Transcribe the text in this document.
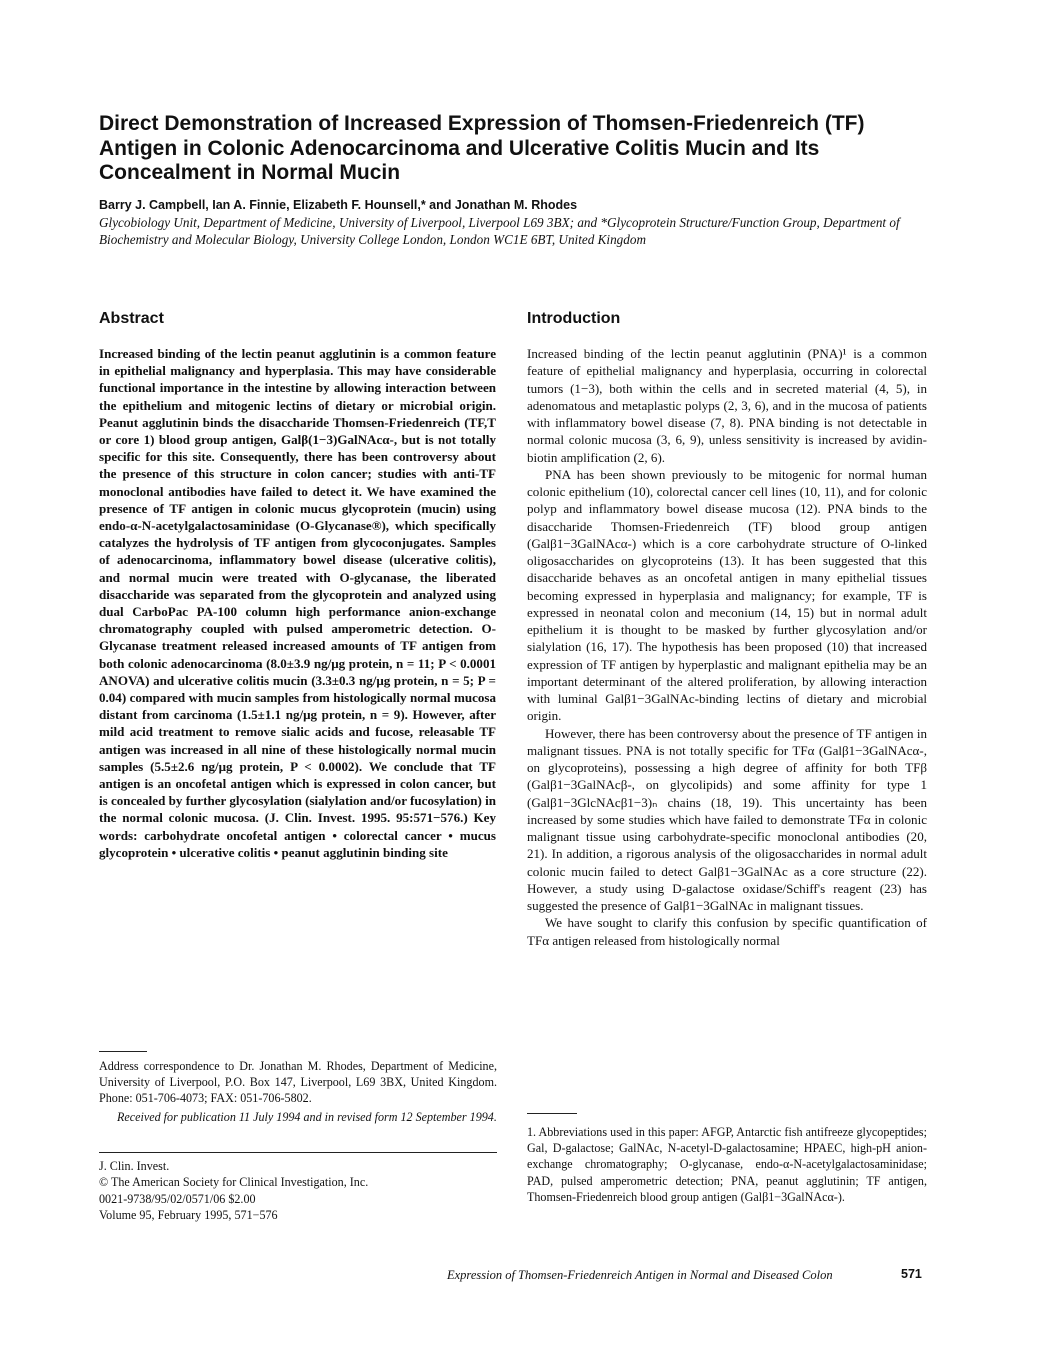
Direct Demonstration of Increased Expression of Thomsen-Friedenreich (TF) Antigen in Colonic Adenocarcinoma and Ulcerative Colitis Mucin and Its Concealment in Normal Mucin

Barry J. Campbell, Ian A. Finnie, Elizabeth F. Hounsell,* and Jonathan M. Rhodes

Glycobiology Unit, Department of Medicine, University of Liverpool, Liverpool L69 3BX; and *Glycoprotein Structure/Function Group, Department of Biochemistry and Molecular Biology, University College London, London WC1E 6BT, United Kingdom

Abstract

Increased binding of the lectin peanut agglutinin is a common feature in epithelial malignancy and hyperplasia. This may have considerable functional importance in the intestine by allowing interaction between the epithelium and mitogenic lectins of dietary or microbial origin. Peanut agglutinin binds the disaccharide Thomsen-Friedenreich (TF,T or core 1) blood group antigen, Galβ(1−3)GalNAcα-, but is not totally specific for this site. Consequently, there has been controversy about the presence of this structure in colon cancer; studies with anti-TF monoclonal antibodies have failed to detect it. We have examined the presence of TF antigen in colonic mucus glycoprotein (mucin) using endo-α-N-acetylgalactosaminidase (O-Glycanase®), which specifically catalyzes the hydrolysis of TF antigen from glycoconjugates. Samples of adenocarcinoma, inflammatory bowel disease (ulcerative colitis), and normal mucin were treated with O-glycanase, the liberated disaccharide was separated from the glycoprotein and analyzed using dual CarboPac PA-100 column high performance anion-exchange chromatography coupled with pulsed amperometric detection. O-Glycanase treatment released increased amounts of TF antigen from both colonic adenocarcinoma (8.0±3.9 ng/μg protein, n = 11; P < 0.0001 ANOVA) and ulcerative colitis mucin (3.3±0.3 ng/μg protein, n = 5; P = 0.04) compared with mucin samples from histologically normal mucosa distant from carcinoma (1.5±1.1 ng/μg protein, n = 9). However, after mild acid treatment to remove sialic acids and fucose, releasable TF antigen was increased in all nine of these histologically normal mucin samples (5.5±2.6 ng/μg protein, P < 0.0002). We conclude that TF antigen is an oncofetal antigen which is expressed in colon cancer, but is concealed by further glycosylation (sialylation and/or fucosylation) in the normal colonic mucosa. (J. Clin. Invest. 1995. 95:571−576.) Key words: carbohydrate oncofetal antigen • colorectal cancer • mucus glycoprotein • ulcerative colitis • peanut agglutinin binding site

Address correspondence to Dr. Jonathan M. Rhodes, Department of Medicine, University of Liverpool, P.O. Box 147, Liverpool, L69 3BX, United Kingdom. Phone: 051-706-4073; FAX: 051-706-5802.

Received for publication 11 July 1994 and in revised form 12 September 1994.

J. Clin. Invest.
© The American Society for Clinical Investigation, Inc.
0021-9738/95/02/0571/06 $2.00
Volume 95, February 1995, 571−576
Introduction

Increased binding of the lectin peanut agglutinin (PNA)¹ is a common feature of epithelial malignancy and hyperplasia, occurring in colorectal tumors (1−3), both within the cells and in secreted material (4, 5), in adenomatous and metaplastic polyps (2, 3, 6), and in the mucosa of patients with inflammatory bowel disease (7, 8). PNA binding is not detectable in normal colonic mucosa (3, 6, 9), unless sensitivity is increased by avidin-biotin amplification (2, 6).

PNA has been shown previously to be mitogenic for normal human colonic epithelium (10), colorectal cancer cell lines (10, 11), and for colonic polyp and inflammatory bowel disease mucosa (12). PNA binds to the disaccharide Thomsen-Friedenreich (TF) blood group antigen (Galβ1−3GalNAcα-) which is a core carbohydrate structure of O-linked oligosaccharides on glycoproteins (13). It has been suggested that this disaccharide behaves as an oncofetal antigen in many epithelial tissues becoming expressed in hyperplasia and malignancy; for example, TF is expressed in neonatal colon and meconium (14, 15) but in normal adult epithelium it is thought to be masked by further glycosylation and/or sialylation (16, 17). The hypothesis has been proposed (10) that increased expression of TF antigen by hyperplastic and malignant epithelia may be an important determinant of the altered proliferation, by allowing interaction with luminal Galβ1−3GalNAc-binding lectins of dietary and microbial origin.

However, there has been controversy about the presence of TF antigen in malignant tissues. PNA is not totally specific for TFα (Galβ1−3GalNAcα-, on glycoproteins), possessing a high degree of affinity for both TFβ (Galβ1−3GalNAcβ-, on glycolipids) and some affinity for type 1 (Galβ1−3GlcNAcβ1−3)ₙ chains (18, 19). This uncertainty has been increased by some studies which have failed to demonstrate TFα in colonic malignant tissue using carbohydrate-specific monoclonal antibodies (20, 21). In addition, a rigorous analysis of the oligosaccharides in normal adult colonic mucin failed to detect Galβ1−3GalNAc as a core structure (22). However, a study using D-galactose oxidase/Schiff's reagent (23) has suggested the presence of Galβ1−3GalNAc in malignant tissues.

We have sought to clarify this confusion by specific quantification of TFα antigen released from histologically normal

1. Abbreviations used in this paper: AFGP, Antarctic fish antifreeze glycopeptides; Gal, D-galactose; GalNAc, N-acetyl-D-galactosamine; HPAEC, high-pH anion-exchange chromatography; O-glycanase, endo-α-N-acetylgalactosaminidase; PAD, pulsed amperometric detection; PNA, peanut agglutinin; TF antigen, Thomsen-Friedenreich blood group antigen (Galβ1−3GalNAcα-).

Expression of Thomsen-Friedenreich Antigen in Normal and Diseased Colon	571
